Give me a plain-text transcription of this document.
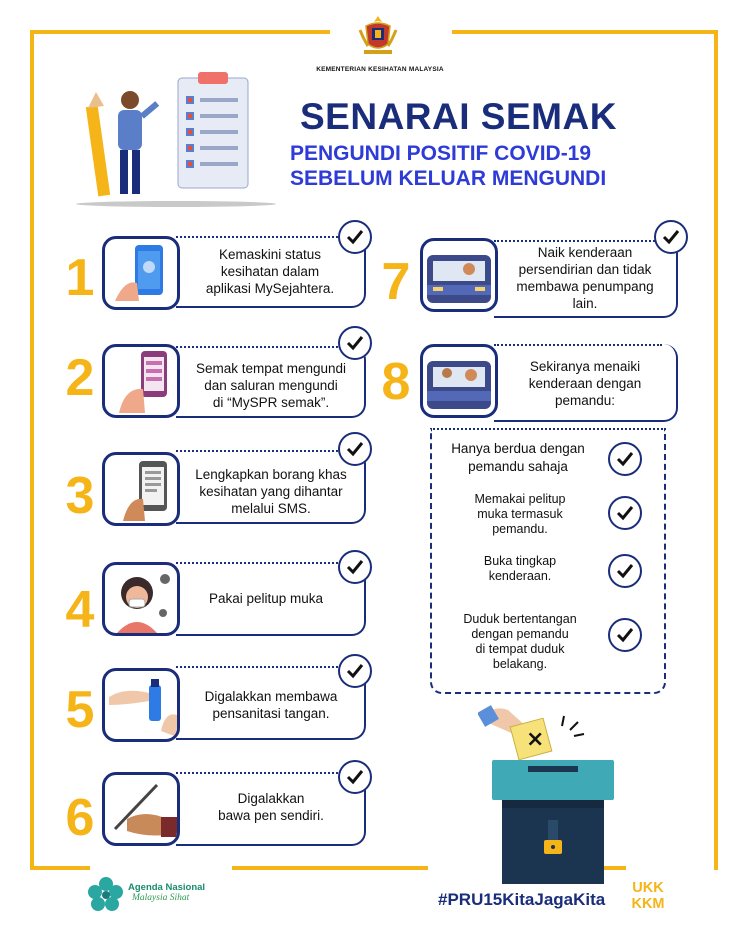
KEMENTERIAN KESIHATAN MALAYSIA
SENARAI SEMAK
PENGUNDI POSITIF COVID-19
SEBELUM KELUAR MENGUNDI
1	Kemaskini status
kesihatan dalam
aplikasi MySejahtera.
2	Semak tempat mengundi
dan saluran mengundi
di “MySPR semak”.
3	Lengkapkan borang khas
kesihatan yang dihantar
melalui SMS.
4	Pakai pelitup muka
5	Digalakkan membawa
pensanitasi tangan.
6	Digalakkan
bawa pen sendiri.
7
Naik kenderaan
persendirian dan tidak
membawa penumpang
lain.
8	Sekiranya menaiki
kenderaan dengan
pemandu:
Hanya berdua dengan
pemandu sahaja
Memakai pelitup
muka termasuk
pemandu.
Buka tingkap
kenderaan.
Duduk bertentangan
dengan pemandu
di tempat duduk
belakang.
×
Agenda Nasional
Malaysia Sihat	#PRU15KitaJagaKita
UKK
KKM
